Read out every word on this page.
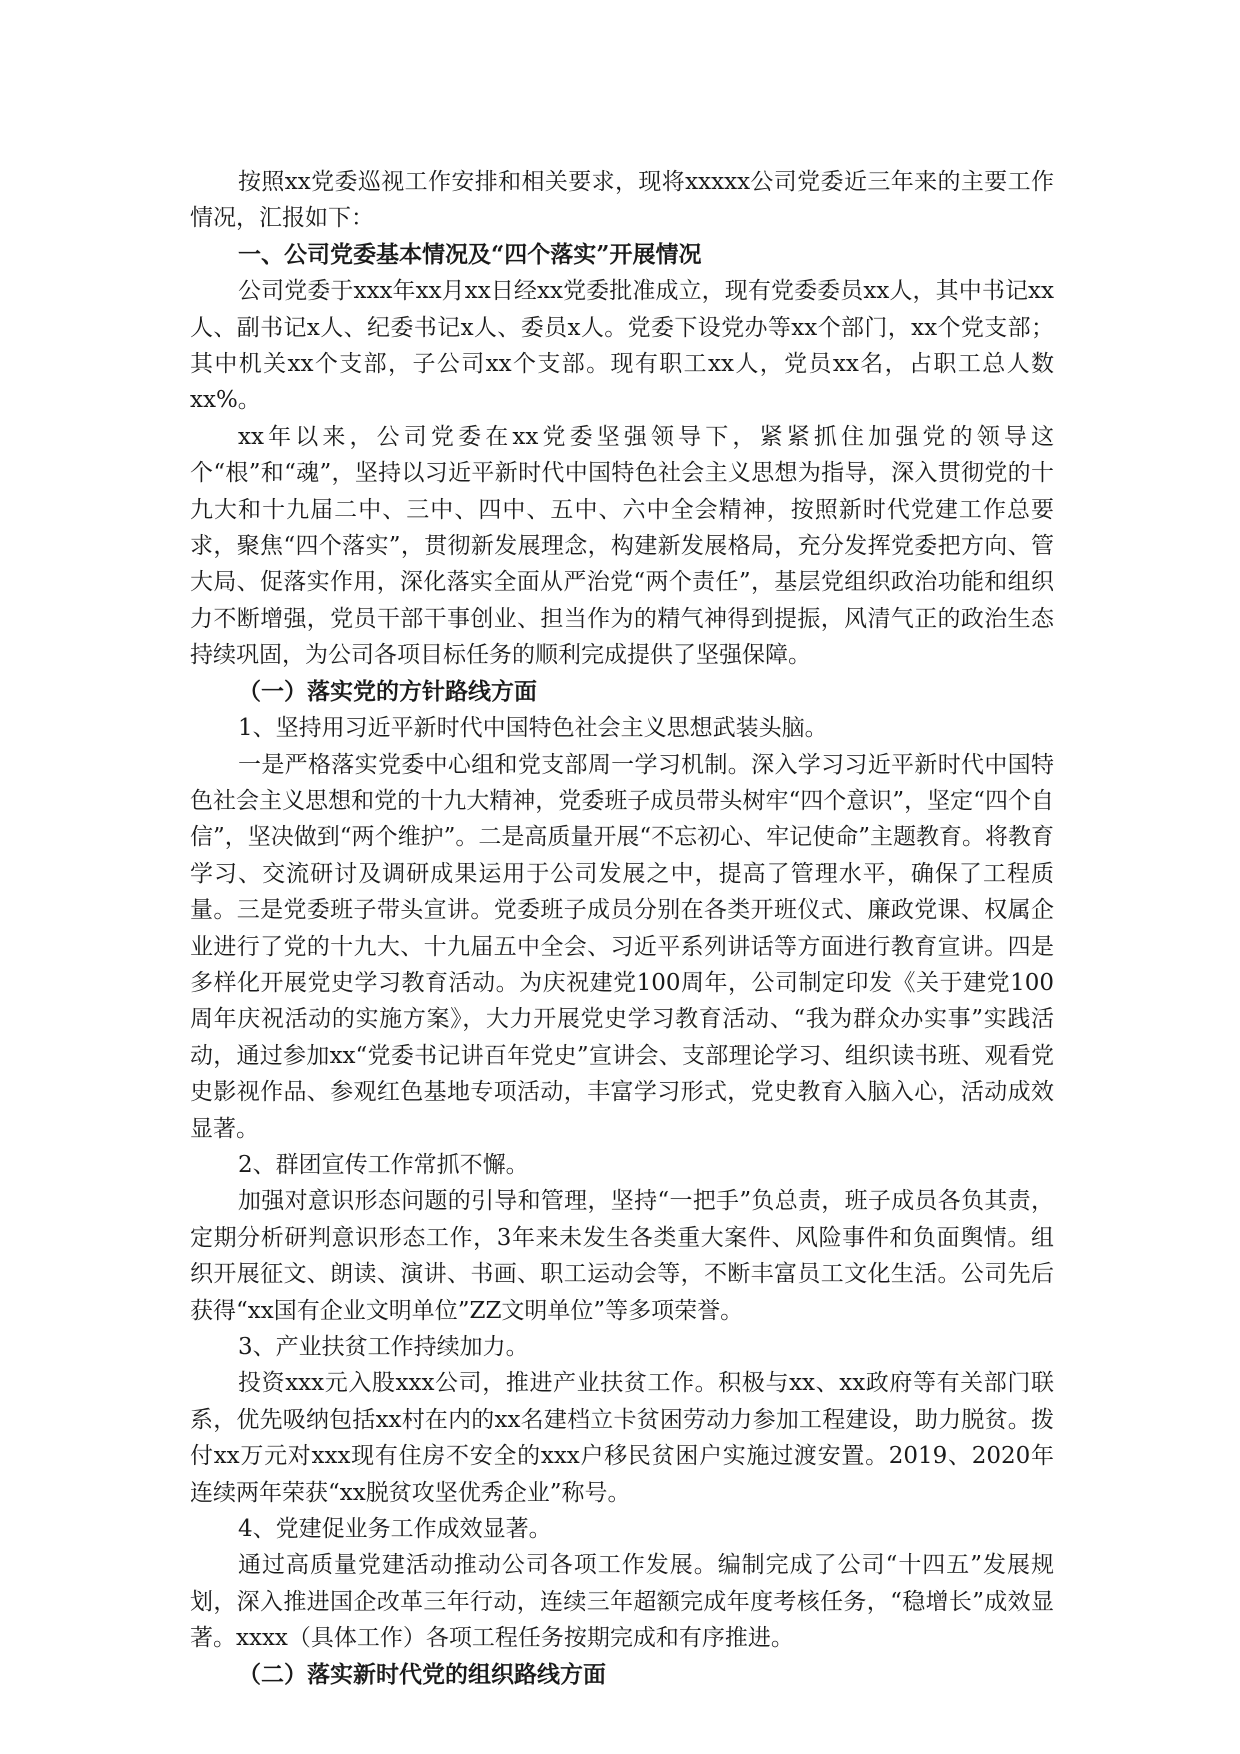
按照xx党委巡视工作安排和相关要求，现将xxxxx公司党委近三年来的主要工作情况，汇报如下：

一、公司党委基本情况及“四个落实”开展情况

公司党委于xxx年xx月xx日经xx党委批准成立，现有党委委员xx人，其中书记xx人、副书记x人、纪委书记x人、委员x人。党委下设党办等xx个部门，xx个党支部；其中机关xx个支部，子公司xx个支部。现有职工xx人，党员xx名，占职工总人数xx%。

xx年以来，公司党委在xx党委坚强领导下，紧紧抓住加强党的领导这个“根”和“魂”，坚持以习近平新时代中国特色社会主义思想为指导，深入贯彻党的十九大和十九届二中、三中、四中、五中、六中全会精神，按照新时代党建工作总要求，聚焦“四个落实”，贯彻新发展理念，构建新发展格局，充分发挥党委把方向、管大局、促落实作用，深化落实全面从严治党“两个责任”，基层党组织政治功能和组织力不断增强，党员干部干事创业、担当作为的精气神得到提振，风清气正的政治生态持续巩固，为公司各项目标任务的顺利完成提供了坚强保障。

（一）落实党的方针路线方面

1、坚持用习近平新时代中国特色社会主义思想武装头脑。

一是严格落实党委中心组和党支部周一学习机制。深入学习习近平新时代中国特色社会主义思想和党的十九大精神，党委班子成员带头树牢“四个意识”，坚定“四个自信”，坚决做到“两个维护”。二是高质量开展“不忘初心、牢记使命”主题教育。将教育学习、交流研讨及调研成果运用于公司发展之中，提高了管理水平，确保了工程质量。三是党委班子带头宣讲。党委班子成员分别在各类开班仪式、廉政党课、权属企业进行了党的十九大、十九届五中全会、习近平系列讲话等方面进行教育宣讲。四是多样化开展党史学习教育活动。为庆祝建党100周年，公司制定印发《关于建党100周年庆祝活动的实施方案》，大力开展党史学习教育活动、“我为群众办实事”实践活动，通过参加xx“党委书记讲百年党史”宣讲会、支部理论学习、组织读书班、观看党史影视作品、参观红色基地专项活动，丰富学习形式，党史教育入脑入心，活动成效显著。

2、群团宣传工作常抓不懈。

加强对意识形态问题的引导和管理，坚持“一把手”负总责，班子成员各负其责，定期分析研判意识形态工作，3年来未发生各类重大案件、风险事件和负面舆情。组织开展征文、朗读、演讲、书画、职工运动会等，不断丰富员工文化生活。公司先后获得“xx国有企业文明单位”ZZ文明单位”等多项荣誉。

3、产业扶贫工作持续加力。

投资xxx元入股xxx公司，推进产业扶贫工作。积极与xx、xx政府等有关部门联系，优先吸纳包括xx村在内的xx名建档立卡贫困劳动力参加工程建设，助力脱贫。拨付xx万元对xxx现有住房不安全的xxx户移民贫困户实施过渡安置。2019、2020年连续两年荣获“xx脱贫攻坚优秀企业”称号。

4、党建促业务工作成效显著。

通过高质量党建活动推动公司各项工作发展。编制完成了公司“十四五”发展规划，深入推进国企改革三年行动，连续三年超额完成年度考核任务，“稳增长”成效显著。xxxx（具体工作）各项工程任务按期完成和有序推进。

（二）落实新时代党的组织路线方面
